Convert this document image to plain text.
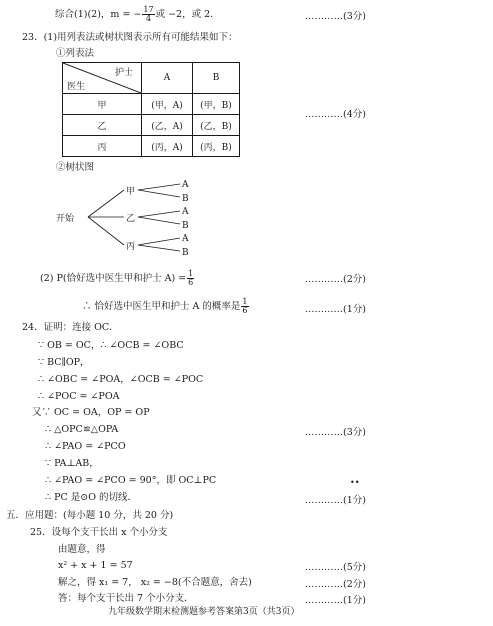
综合(1)(2)，m = − $\frac{17}{4}$ 或 −2，或 2.	…………(3分)
23．(1)用列表法或树状图表示所有可能结果如下：
①列表法
护士
医生	A	B
甲	(甲，A)	(甲，B)
乙	(乙，A)	(乙，B)
丙	(丙，A)	(丙，B)
…………(4分)
②树状图
开始
甲
乙
丙
A
B
A
B
A
B
(2) P(恰好选中医生甲和护士 $A) = \frac{1}{6}$	…………(2分)
∴ 恰好选中医生甲和护士 A 的概率是 $\frac{1}{6}$	…………(1分)
24．证明：连接 OC．
∵ OB = OC，∴ ∠OCB = ∠OBC
∵ BC∥OP，
∴ ∠OBC = ∠POA，∠OCB = ∠POC
∴ ∠POC = ∠POA
又∵ OC = OA，OP = OP
∴ △OPC≌△OPA	…………(3分)
∴ ∠PAO = ∠PCO
∵ PA⊥AB，
∴ ∠PAO = ∠PCO = 90°，即 OC⊥PC	••
∴ PC 是⊙O 的切线．	…………(1分)
五．应用题：(每小题 10 分，共 20 分)
25．设每个支干长出 x 个小分支
由题意，得
x² + x + 1 = 57	…………(5分)
解之，得 x₁ = 7， x₂ = −8(不合题意，舍去)	…………(2分)
答：每个支干长出 7 个小分支．	…………(1分)
九年级数学期末检测题参考答案第3页（共3页）
